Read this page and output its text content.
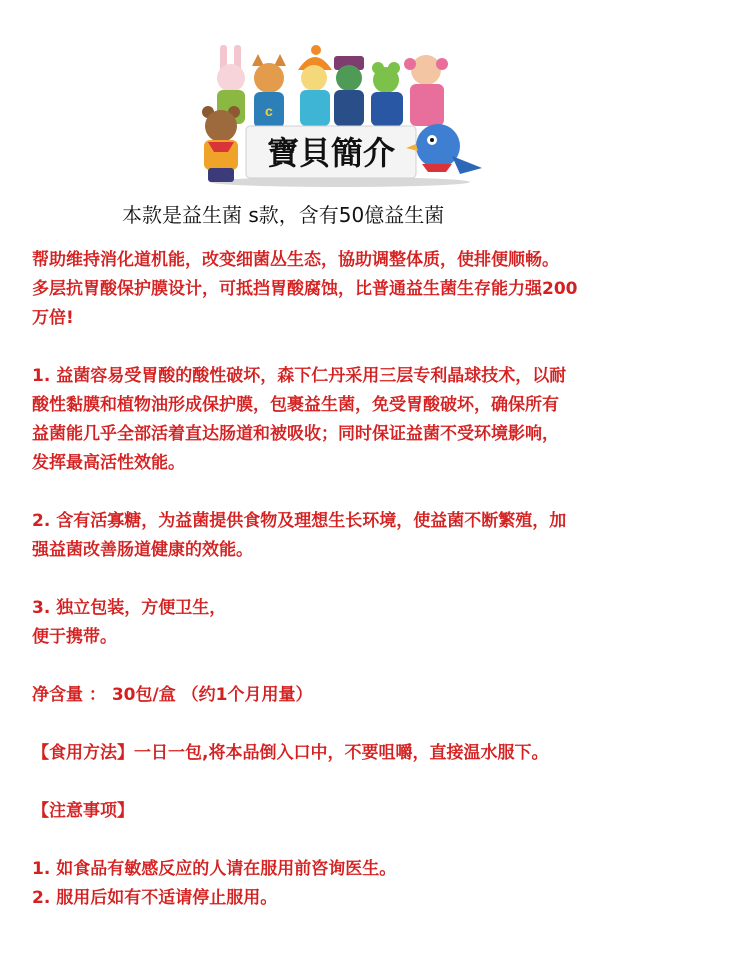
c
寶貝簡介
本款是益生菌 s款，含有50億益生菌

帮助维持消化道机能，改变细菌丛生态，協助调整体质，使排便顺畅。

多层抗胃酸保护膜设计，可抵挡胃酸腐蚀，比普通益生菌生存能力强200

万倍!

1. 益菌容易受胃酸的酸性破坏，森下仁丹采用三层专利晶球技术，以耐

酸性黏膜和植物油形成保护膜，包裹益生菌，免受胃酸破坏，确保所有

益菌能几乎全部活着直达肠道和被吸收；同时保证益菌不受环境影响，

发挥最高活性效能。

2. 含有活寡糖，为益菌提供食物及理想生长环境，使益菌不断繁殖，加

强益菌改善肠道健康的效能。

3. 独立包装，方便卫生，

便于携带。

净含量 ： 30包/盒 （约1个月用量）

【食用方法】一日一包,将本品倒入口中，不要咀嚼，直接温水服下。

【注意事项】

1. 如食品有敏感反应的人请在服用前咨询医生。

2. 服用后如有不适请停止服用。
